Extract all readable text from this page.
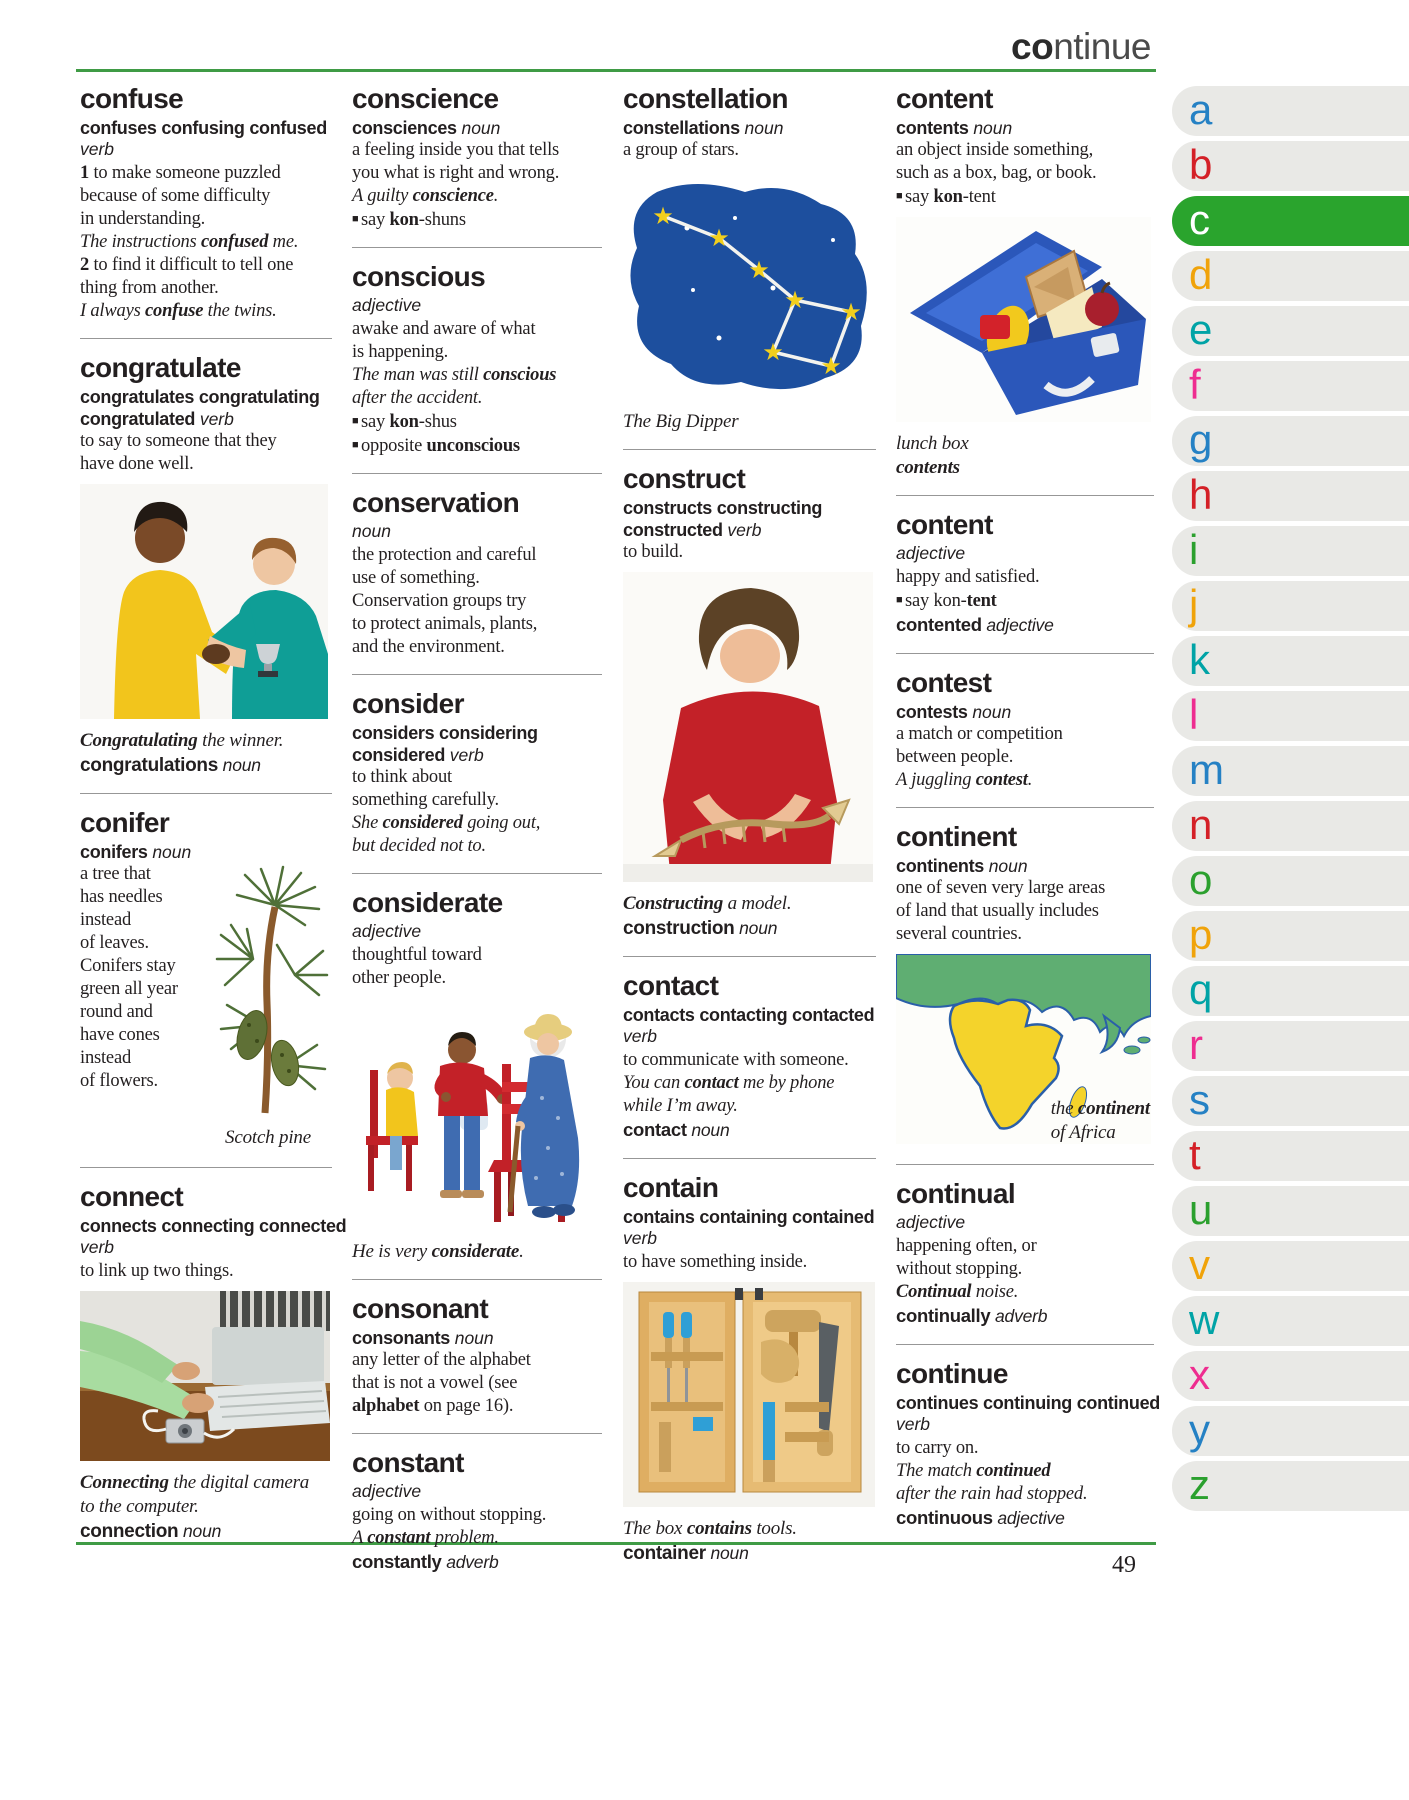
continue
49
confuse
confuses confusing confused
verb
1 to make someone puzzled
because of some difficulty
in understanding.
The instructions confused me.
2 to find it difficult to tell one
thing from another.
I always confuse the twins.
congratulate
congratulates congratulating
congratulated verb
to say to someone that they
have done well.
Congratulating the winner.
congratulations noun
conifer
conifers noun
Scotch pine
a tree that
has needles
instead
of leaves.
Conifers stay
green all year
round and
have cones
instead
of flowers.
connect
connects connecting connected
verb
to link up two things.
Connecting the digital camera
to the computer.
connection noun
conscience
consciences noun
a feeling inside you that tells
you what is right and wrong.
A guilty conscience.
■ say kon-shuns
conscious
adjective
awake and aware of what
is happening.
The man was still conscious
after the accident.
■ say kon-shus
■ opposite unconscious
conservation
noun
the protection and careful
use of something.
Conservation groups try
to protect animals, plants,
and the environment.
consider
considers considering
considered verb
to think about
something carefully.
She considered going out,
but decided not to.
considerate
adjective
thoughtful toward
other people.
He is very considerate.
consonant
consonants noun
any letter of the alphabet
that is not a vowel (see
alphabet on page 16).
constant
adjective
going on without stopping.
A constant problem.
constantly adverb
constellation
constellations noun
a group of stars.
★
★
★
★ ★
★
★
The Big Dipper
construct
constructs constructing
constructed verb
to build.
Constructing a model.
construction noun
contact
contacts contacting contacted
verb
to communicate with someone.
You can contact me by phone
while I’m away.
contact noun
contain
contains containing contained
verb
to have something inside.
The box contains tools.
container noun
content
contents noun
an object inside something,
such as a box, bag, or book.
■ say kon-tent
lunch box
contents
content
adjective
happy and satisfied.
■ say kon-tent
contented adjective
contest
contests noun
a match or competition
between people.
A juggling contest.
continent
continents noun
one of seven very large areas
of land that usually includes
several countries.
the continent
of Africa
continual
adjective
happening often, or
without stopping.
Continual noise.
continually adverb
continue
continues continuing continued
verb
to carry on.
The match continued
after the rain had stopped.
continuous adjective
a
b
c
d
e
f
g
h
i
j
k
l
m
n
o
p
q
r
s
t
u
v
w
x
y
z
